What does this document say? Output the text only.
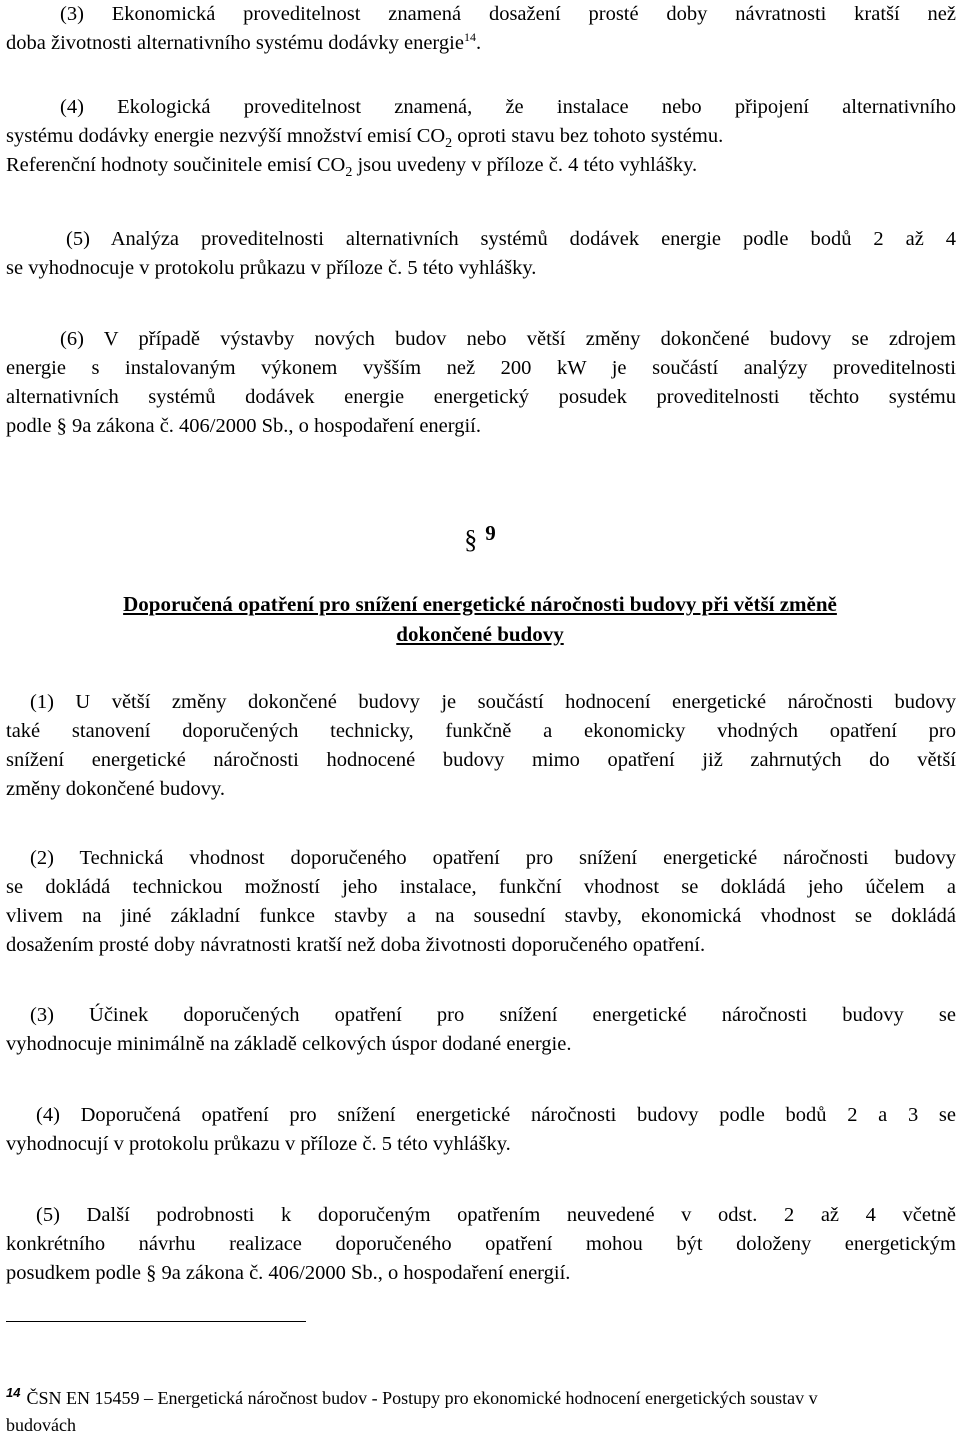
(3) Ekonomická proveditelnost znamená dosažení prosté doby návratnosti kratší než
doba životnosti alternativního systému dodávky energie$^{14}$.

(4) Ekologická proveditelnost znamená, že instalace nebo připojení alternativního
systému dodávky energie nezvýší množství emisí $CO_2$ oproti stavu bez tohoto systému.
Referenční hodnoty součinitele emisí $CO_2$ jsou uvedeny v příloze č. 4 této vyhlášky.

(5) Analýza proveditelnosti alternativních systémů dodávek energie podle bodů 2 až 4
se vyhodnocuje v protokolu průkazu v příloze č. 5 této vyhlášky.

(6) V případě výstavby nových budov nebo větší změny dokončené budovy se zdrojem
energie s instalovaným výkonem vyšším než 200 kW je součástí analýzy proveditelnosti
alternativních systémů dodávek energie energetický posudek proveditelnosti těchto systému
podle § 9a zákona č. 406/2000 Sb., o hospodaření energií.

§ 9
Doporučená opatření pro snížení energetické náročnosti budovy při větší změně
dokončené budovy

(1) U větší změny dokončené budovy je součástí hodnocení energetické náročnosti budovy
také stanovení doporučených technicky, funkčně a ekonomicky vhodných opatření pro
snížení energetické náročnosti hodnocené budovy mimo opatření již zahrnutých do větší
změny dokončené budovy.

(2) Technická vhodnost doporučeného opatření pro snížení energetické náročnosti budovy
se dokládá technickou možností jeho instalace, funkční vhodnost se dokládá jeho účelem a
vlivem na jiné základní funkce stavby a na sousední stavby, ekonomická vhodnost se dokládá
dosažením prosté doby návratnosti kratší než doba životnosti doporučeného opatření.

(3) Účinek doporučených opatření pro snížení energetické náročnosti budovy se
vyhodnocuje minimálně na základě celkových úspor dodané energie.

(4) Doporučená opatření pro snížení energetické náročnosti budovy podle bodů 2 a 3 se
vyhodnocují v protokolu průkazu v příloze č. 5 této vyhlášky.

(5) Další podrobnosti k doporučeným opatřením neuvedené v odst. 2 až 4 včetně
konkrétního návrhu realizace doporučeného opatření mohou být doloženy energetickým
posudkem podle § 9a zákona č. 406/2000 Sb., o hospodaření energií.

$^{14}$ ČSN EN 15459 – Energetická náročnost budov - Postupy pro ekonomické hodnocení energetických soustav v
budovách
